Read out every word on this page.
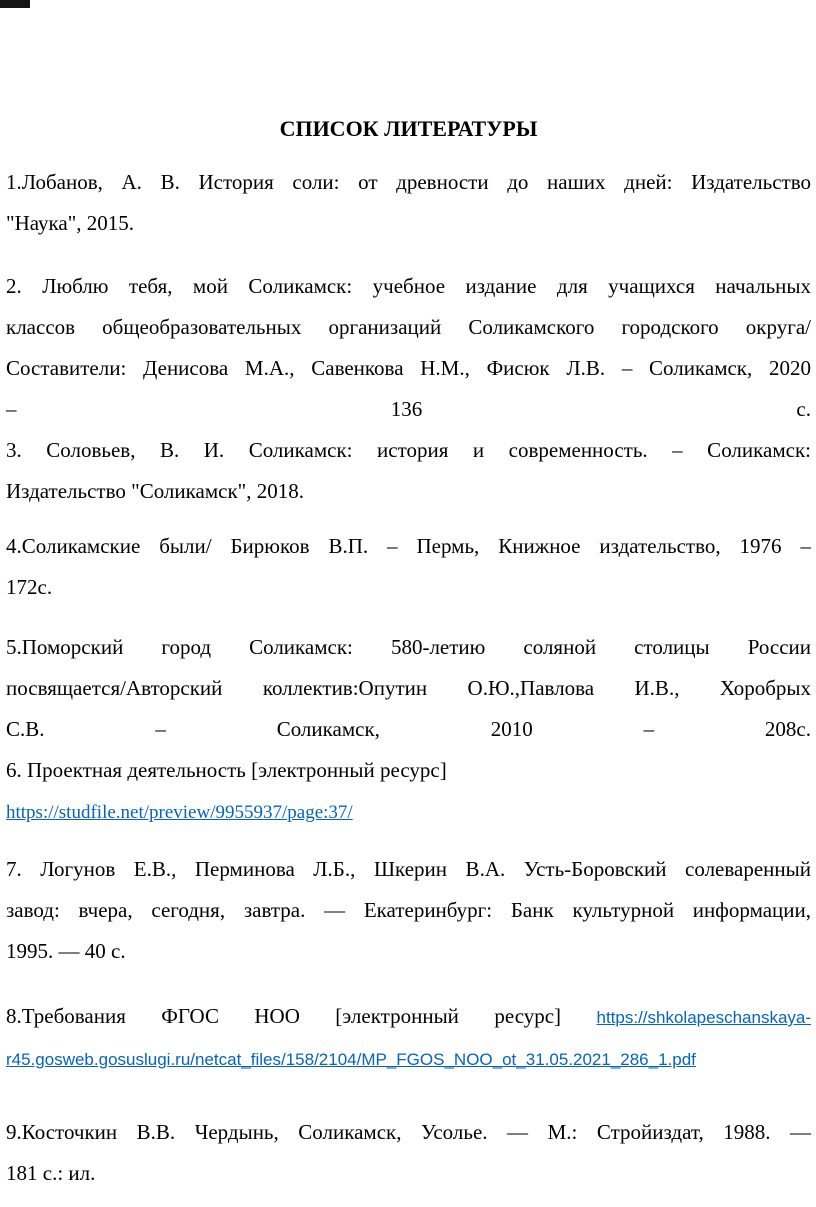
СПИСОК ЛИТЕРАТУРЫ
1.Лобанов, А. В. История соли: от древности до наших дней: Издательство
"Наука", 2015.
2. Люблю тебя, мой Соликамск: учебное издание для учащихся начальных
классов общеобразовательных организаций Соликамского городского округа/
Составители: Денисова М.А., Савенкова Н.М., Фисюк Л.В. – Соликамск, 2020
– 136 с.
3. Соловьев, В. И. Соликамск: история и современность. – Соликамск:
Издательство "Соликамск", 2018.
4.Соликамские были/ Бирюков В.П. – Пермь, Книжное издательство, 1976 –
172с.
5.Поморский город Соликамск: 580-летию соляной столицы России
посвящается/Авторский коллектив:Опутин О.Ю.,Павлова И.В., Хоробрых
С.В. – Соликамск, 2010 – 208с.
6. Проектная деятельность [электронный ресурс]
https://studfile.net/preview/9955937/page:37/
7. Логунов Е.В., Перминова Л.Б., Шкерин В.А. Усть-Боровский солеваренный
завод: вчера, сегодня, завтра. — Екатеринбург: Банк культурной информации,
1995. — 40 с.
8.Требования ФГОС НОО [электронный ресурс] https://shkolapeschanskaya-
r45.gosweb.gosuslugi.ru/netcat_files/158/2104/MP_FGOS_NOO_ot_31.05.2021_286_1.pdf
9.Косточкин В.В. Чердынь, Соликамск, Усолье. — М.: Стройиздат, 1988. —
181 с.: ил.
